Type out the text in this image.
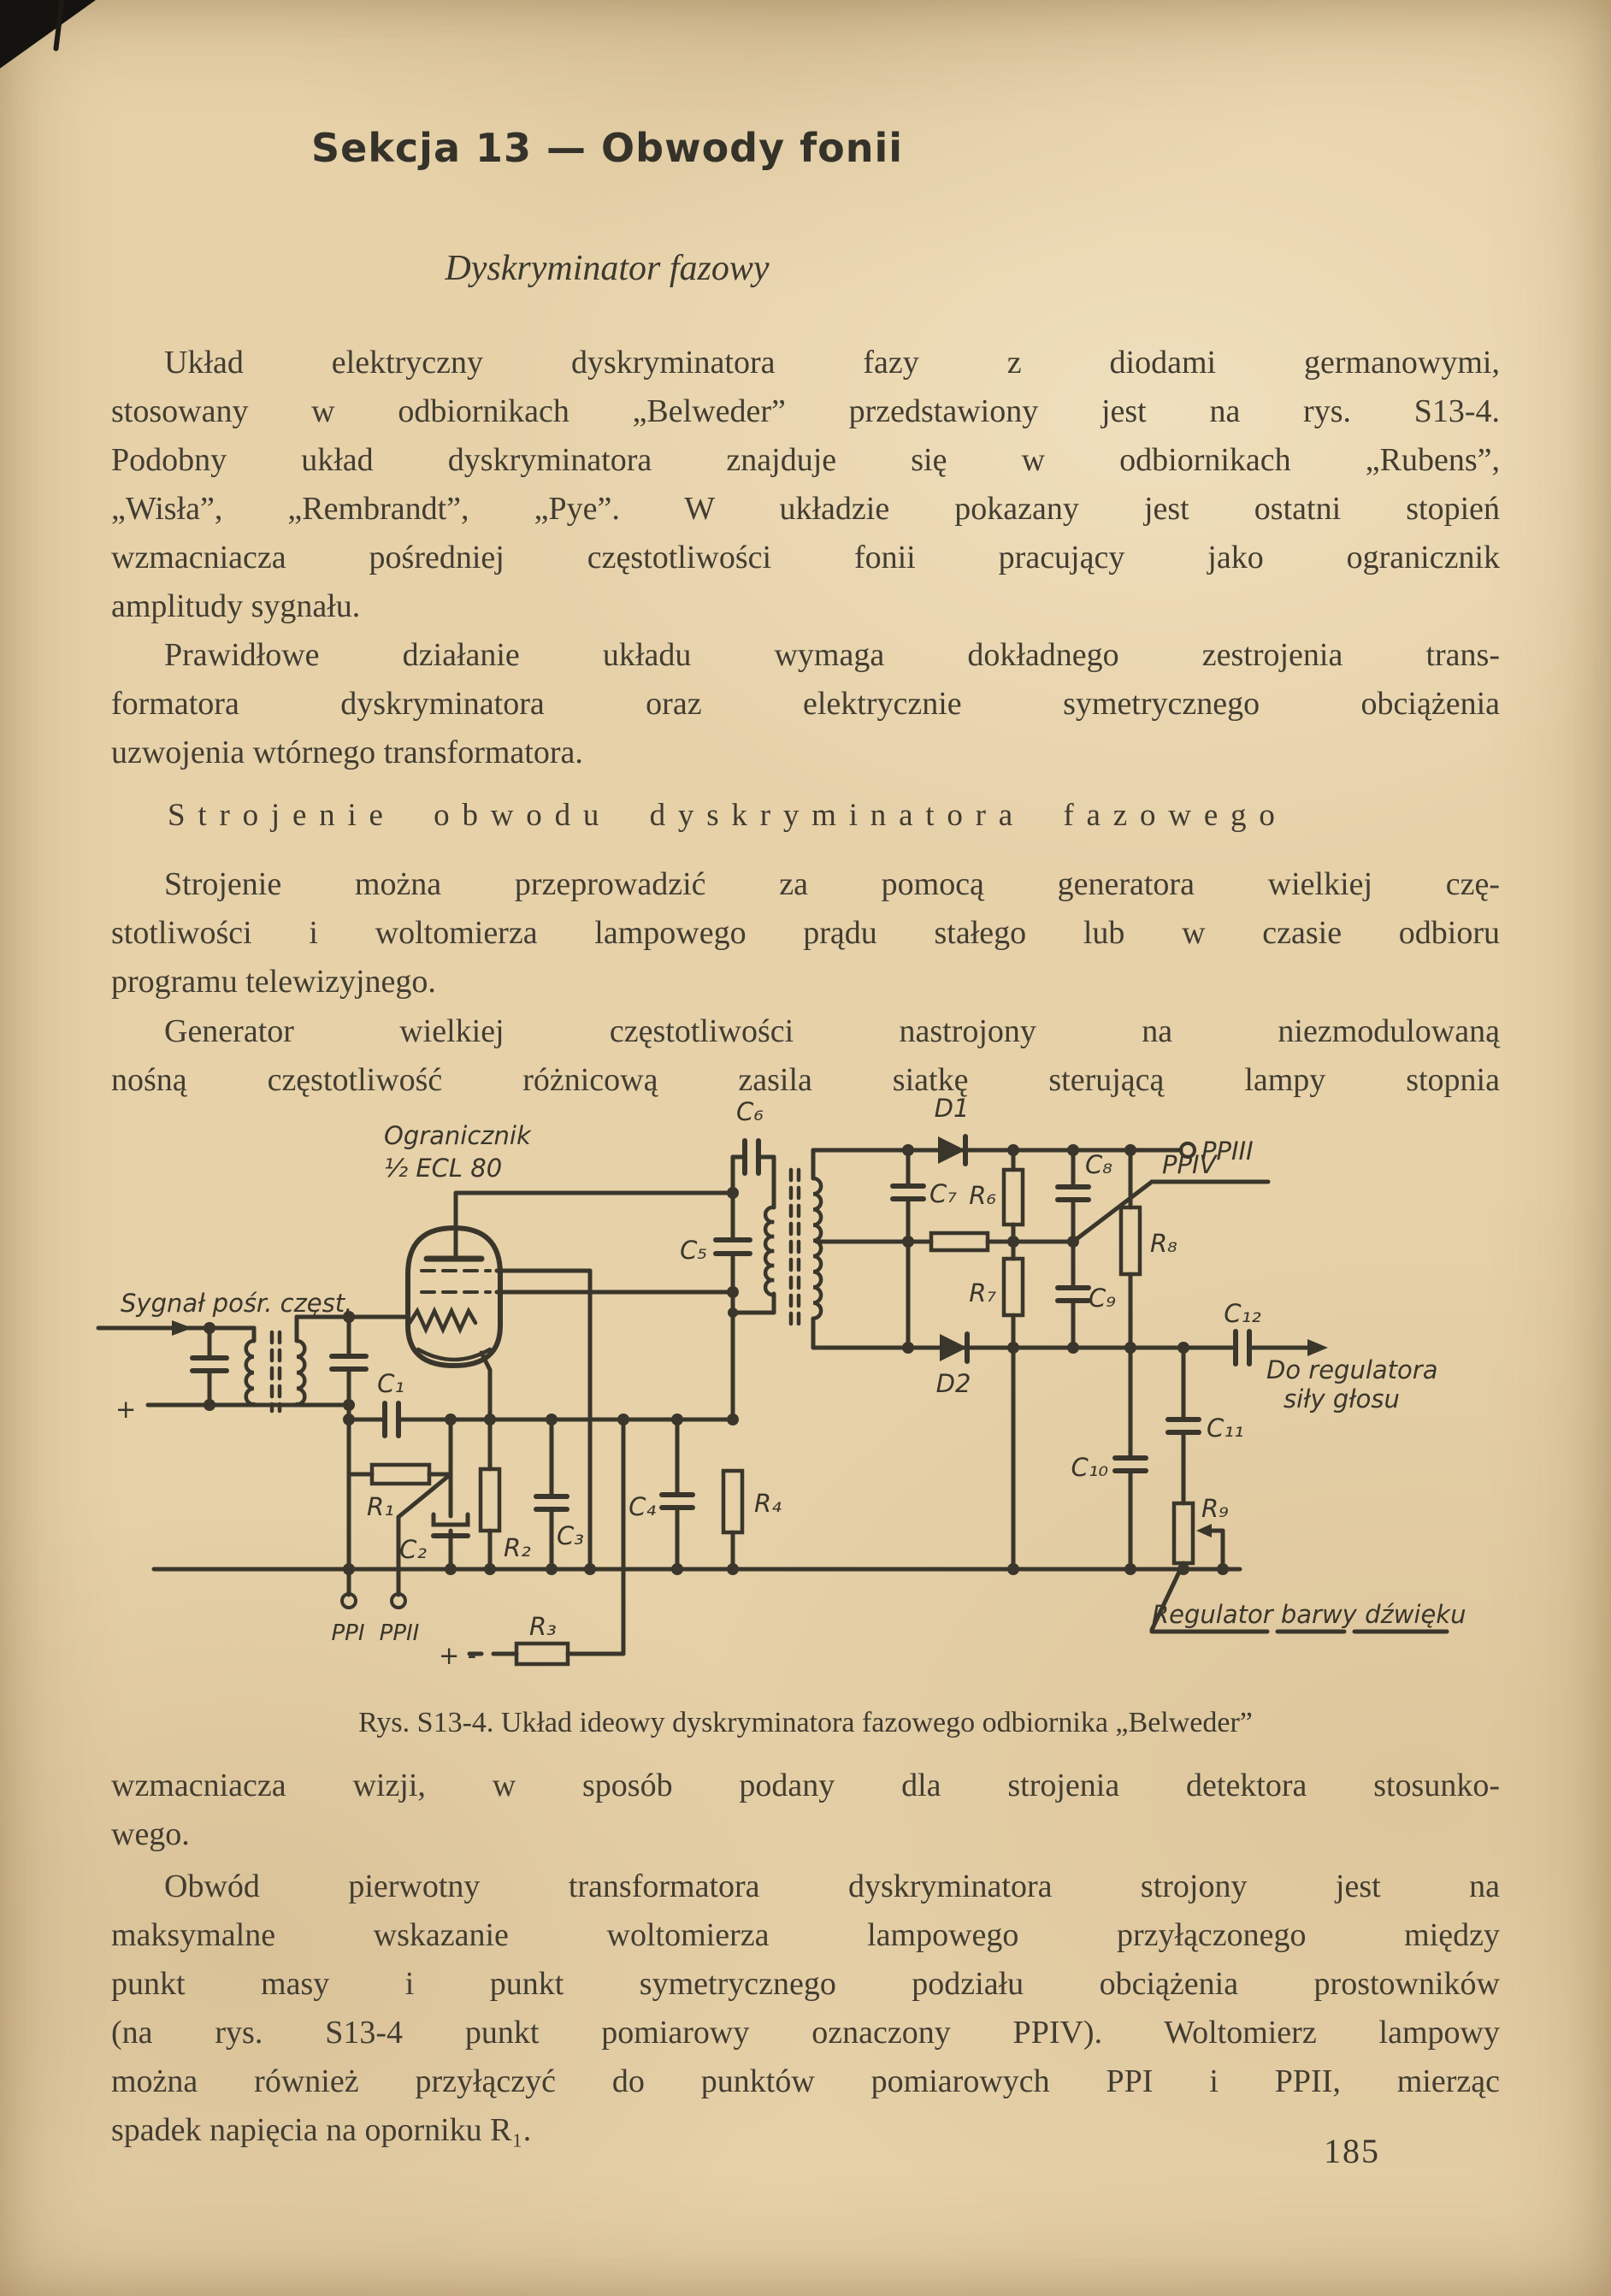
Sekcja 13 — Obwody fonii
Dyskryminator fazowy
Układ elektryczny dyskryminatora fazy z diodami germanowymi,
stosowany w odbiornikach „Belweder” przedstawiony jest na rys. S13-4.
Podobny układ dyskryminatora znajduje się w odbiornikach „Rubens”,
„Wisła”, „Rembrandt”, „Pye”. W układzie pokazany jest ostatni stopień
wzmacniacza pośredniej częstotliwości fonii pracujący jako ogranicznik
amplitudy sygnału.
Prawidłowe działanie układu wymaga dokładnego zestrojenia trans-
formatora dyskryminatora oraz elektrycznie symetrycznego obciążenia
uzwojenia wtórnego transformatora.
Strojenie obwodu dyskryminatora fazowego
Strojenie można przeprowadzić za pomocą generatora wielkiej czę-
stotliwości i woltomierza lampowego prądu stałego lub w czasie odbioru
programu telewizyjnego.
Generator wielkiej częstotliwości nastrojony na niezmodulowaną
nośną częstotliwość różnicową zasila siatkę sterującą lampy stopnia
Ogranicznik
½ ECL 80
Sygnał pośr. częst.
+
C₁
C₂	R₂ C₃
R₁	C₄	R₄
C₅
C₆
C₇ R₆
C₈
R₇	C₉
R₈
C₁₀
C₁₁
C₁₂
R₉
D1
D2
PPI PPII
PPIII
PPIV
Do regulatora
siły głosu
Regulator barwy dźwięku
R₃
+ -
Rys. S13-4. Układ ideowy dyskryminatora fazowego odbiornika „Belweder”
wzmacniacza wizji, w sposób podany dla strojenia detektora stosunko-
wego.
Obwód pierwotny transformatora dyskryminatora strojony jest na
maksymalne wskazanie woltomierza lampowego przyłączonego między
punkt masy i punkt symetrycznego podziału obciążenia prostowników
(na rys. S13-4 punkt pomiarowy oznaczony PPIV). Woltomierz lampowy
można również przyłączyć do punktów pomiarowych PPI i PPII, mierząc
spadek napięcia na oporniku R₁.
185
